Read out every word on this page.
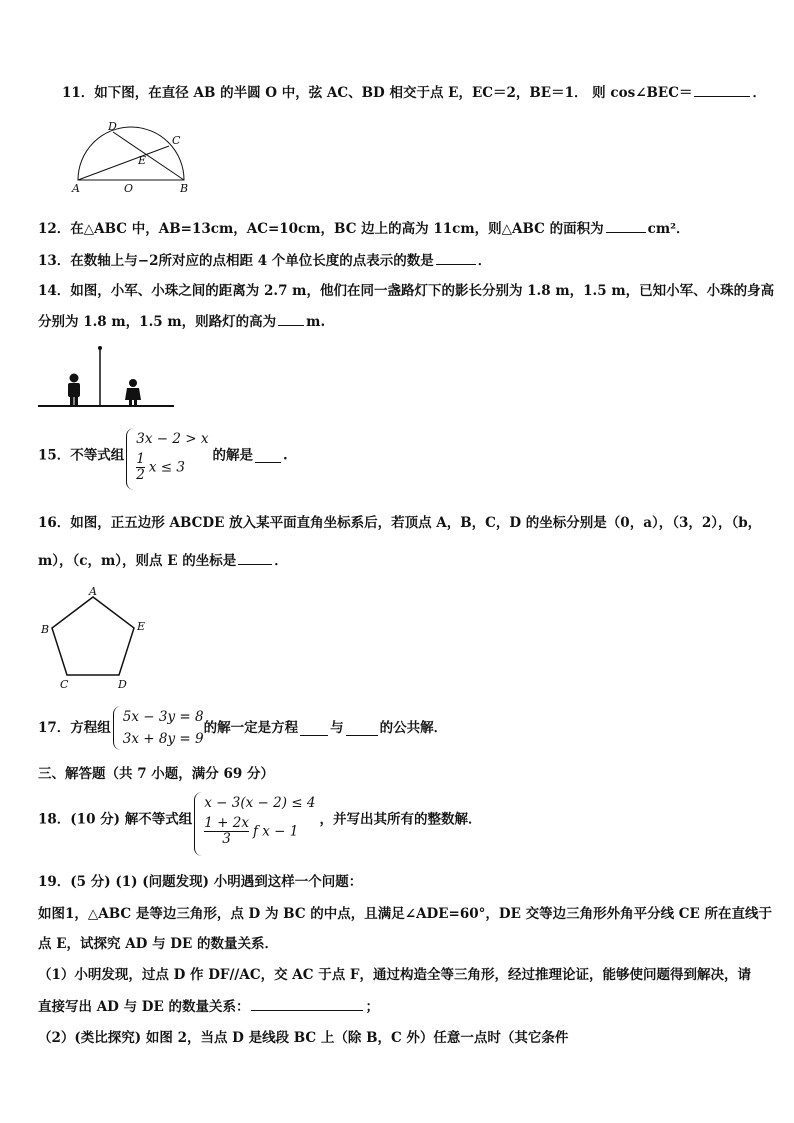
11．如下图，在直径 AB 的半圆 O 中，弦 AC、BD 相交于点 E，EC＝2，BE＝1． 则 cos∠BEC＝	．
A	O	B
D
C
E
12．在△ABC 中，AB=13cm，AC=10cm，BC 边上的高为 11cm，则△ABC 的面积为	cm²．
13．在数轴上与−2所对应的点相距 4 个单位长度的点表示的数是	．
14．如图，小军、小珠之间的距离为 2.7 m，他们在同一盏路灯下的影长分别为 1.8 m，1.5 m，已知小军、小珠的身高
分别为 1.8 m，1.5 m，则路灯的高为 m.
15．不等式组
3x − 2 > x
$\frac{1}{2}$ x ≤ 3
的解是 .
16．如图，正五边形 ABCDE 放入某平面直角坐标系后，若顶点 A，B，C，D 的坐标分别是（0，a），（3，2），（b，
m），（c，m），则点 E 的坐标是	．
A
B
C	D
E
17．方程组
5x − 3y = 8
3x + 8y = 9
的解一定是方程 与	的公共解．
三、解答题（共 7 小题，满分 69 分）
18．(10 分) 解不等式组
x − 3(x − 2) ≤ 4
$\frac{1 + 2x}{3}$ f x − 1
，并写出其所有的整数解．
19．(5 分) (1) (问题发现) 小明遇到这样一个问题：
如图1，△ABC 是等边三角形，点 D 为 BC 的中点，且满足∠ADE=60°，DE 交等边三角形外角平分线 CE 所在直线于
点 E，试探究 AD 与 DE 的数量关系．
（1）小明发现，过点 D 作 DF//AC，交 AC 于点 F，通过构造全等三角形，经过推理论证，能够使问题得到解决，请
直接写出 AD 与 DE 的数量关系：	；
（2）(类比探究) 如图 2，当点 D 是线段 BC 上（除 B，C 外）任意一点时（其它条件
